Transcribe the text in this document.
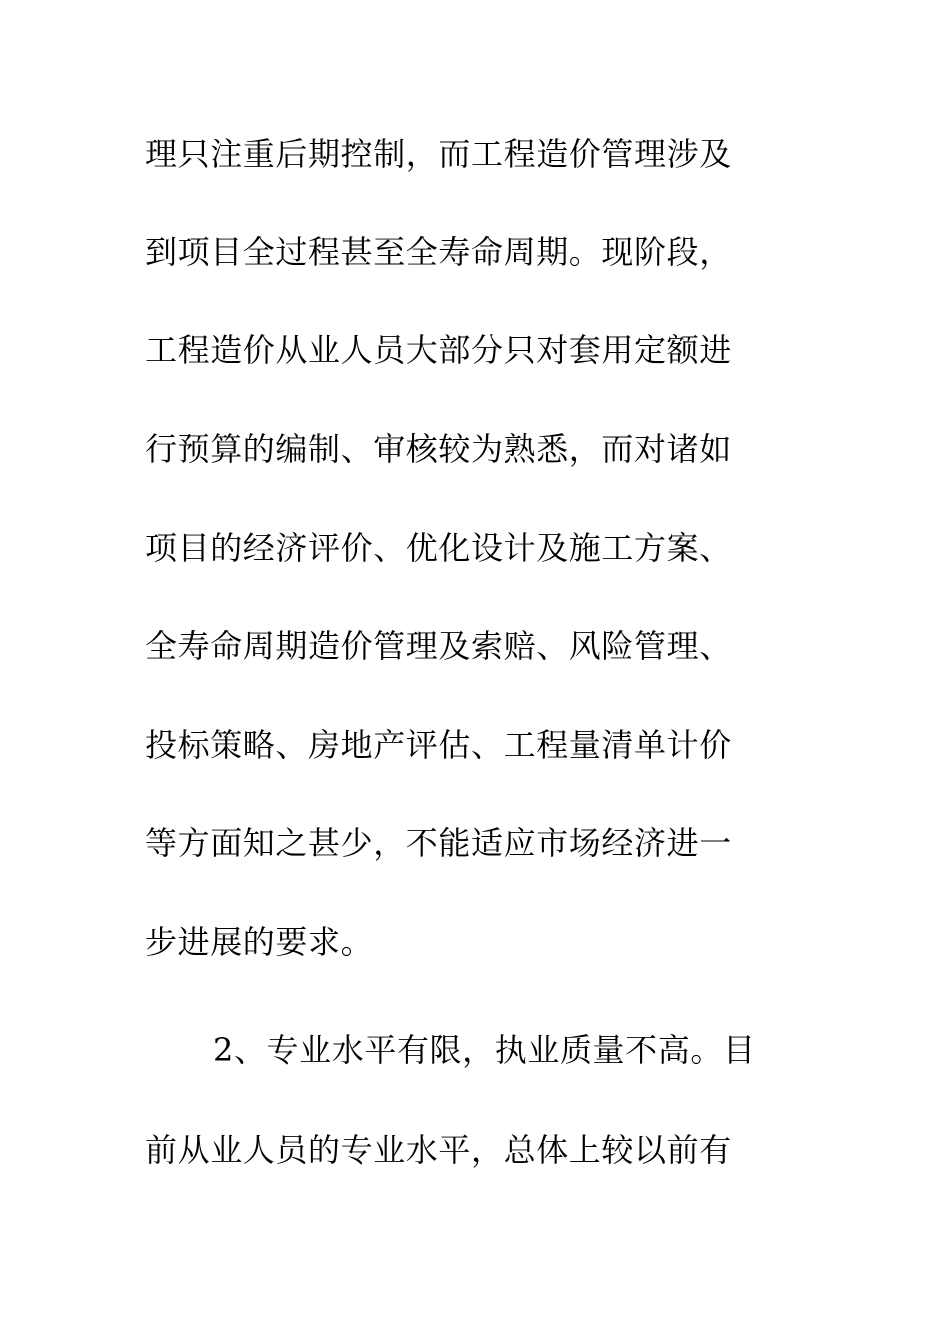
理只注重后期控制，而工程造价管理涉及
到项目全过程甚至全寿命周期。现阶段，
工程造价从业人员大部分只对套用定额进
行预算的编制、审核较为熟悉，而对诸如
项目的经济评价、优化设计及施工方案、
全寿命周期造价管理及索赔、风险管理、
投标策略、房地产评估、工程量清单计价
等方面知之甚少，不能适应市场经济进一
步进展的要求。
2、专业水平有限，执业质量不高。目
前从业人员的专业水平，总体上较以前有
